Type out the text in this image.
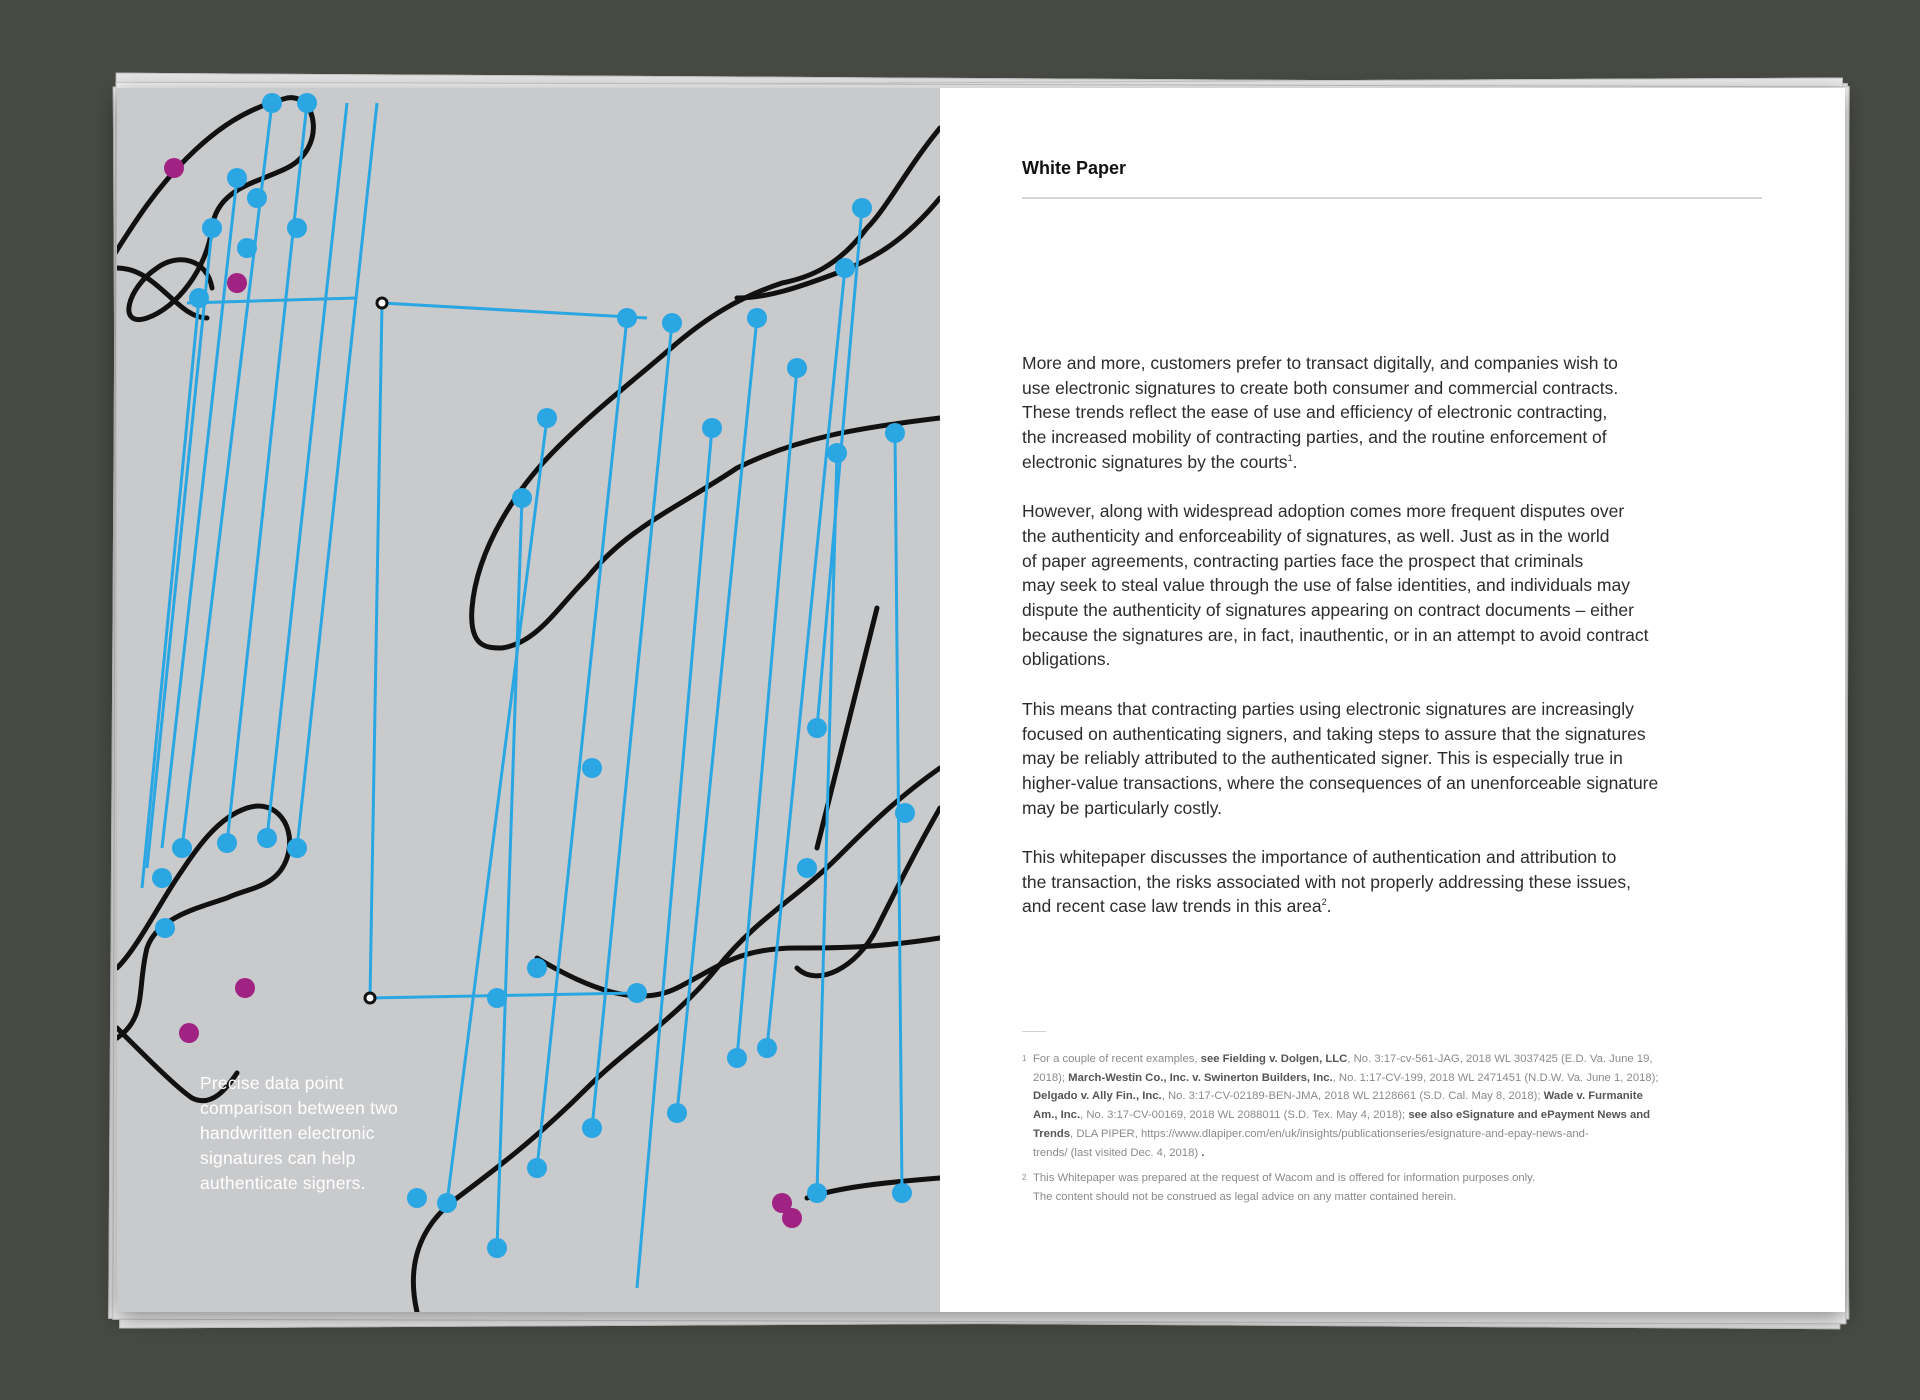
Precise data point
comparison between two
handwritten electronic
signatures can help
authenticate signers.
White Paper
More and more, customers prefer to transact digitally, and companies wish to
use electronic signatures to create both consumer and commercial contracts.
These trends reflect the ease of use and efficiency of electronic contracting,
the increased mobility of contracting parties, and the routine enforcement of
electronic signatures by the courts$^1$.
However, along with widespread adoption comes more frequent disputes over
the authenticity and enforceability of signatures, as well. Just as in the world
of paper agreements, contracting parties face the prospect that criminals
may seek to steal value through the use of false identities, and individuals may
dispute the authenticity of signatures appearing on contract documents – either
because the signatures are, in fact, inauthentic, or in an attempt to avoid contract
obligations.
This means that contracting parties using electronic signatures are increasingly
focused on authenticating signers, and taking steps to assure that the signatures
may be reliably attributed to the authenticated signer. This is especially true in
higher-value transactions, where the consequences of an unenforceable signature
may be particularly costly.
This whitepaper discusses the importance of authentication and attribution to
the transaction, the risks associated with not properly addressing these issues,
and recent case law trends in this area$^2$.
1 For a couple of recent examples, see Fielding v. Dolgen, LLC, No. 3:17-cv-561-JAG, 2018 WL 3037425 (E.D. Va. June 19,
2018); March-Westin Co., Inc. v. Swinerton Builders, Inc., No. 1:17-CV-199, 2018 WL 2471451 (N.D.W. Va. June 1, 2018);
Delgado v. Ally Fin., Inc., No. 3:17-CV-02189-BEN-JMA, 2018 WL 2128661 (S.D. Cal. May 8, 2018); Wade v. Furmanite
Am., Inc., No. 3:17-CV-00169, 2018 WL 2088011 (S.D. Tex. May 4, 2018); see also eSignature and ePayment News and
Trends, DLA PIPER, https://www.dlapiper.com/en/uk/insights/publicationseries/esignature-and-epay-news-and-
trends/ (last visited Dec. 4, 2018) .
2 This Whitepaper was prepared at the request of Wacom and is offered for information purposes only.
The content should not be construed as legal advice on any matter contained herein.
